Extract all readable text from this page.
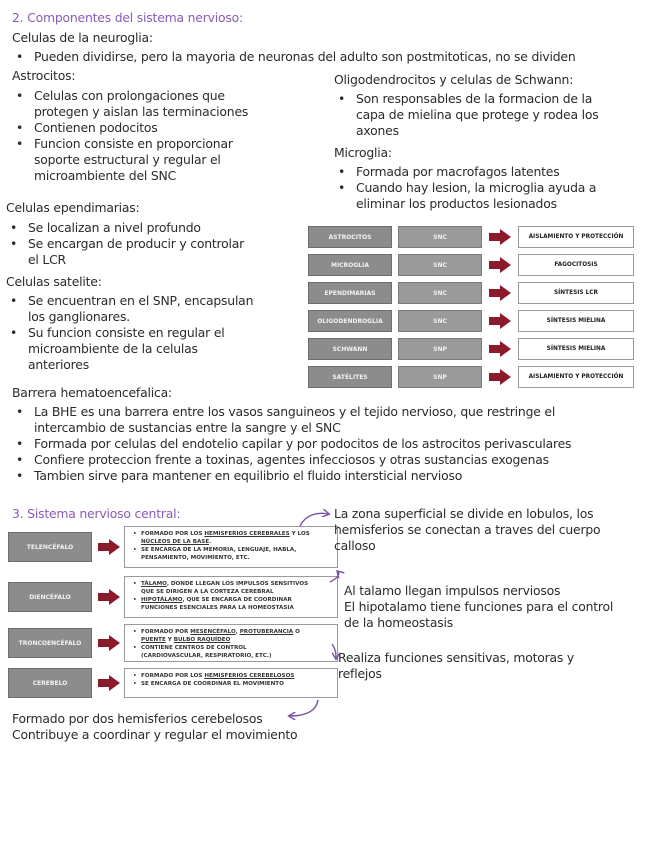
2. Componentes del sistema nervioso:
Celulas de la neuroglia:
• Pueden dividirse, pero la mayoria de neuronas del adulto son postmitoticas, no se dividen
Astrocitos:
• Celulas con prolongaciones que
protegen y aislan las terminaciones
• Contienen podocitos
• Funcion consiste en proporcionar
soporte estructural y regular el
microambiente del SNC
Celulas ependimarias:
• Se localizan a nivel profundo
• Se encargan de producir y controlar
el LCR
Celulas satelite:
• Se encuentran en el SNP, encapsulan
los ganglionares.
• Su funcion consiste en regular el
microambiente de la celulas
anteriores
Oligodendrocitos y celulas de Schwann:
• Son responsables de la formacion de la
capa de mielina que protege y rodea los
axones
Microglia:
• Formada por macrofagos latentes
• Cuando hay lesion, la microglia ayuda a
eliminar los productos lesionados
ASTROCITOS	SNC	AISLAMIENTO Y PROTECCIÓN
MICROGLIA	SNC	FAGOCITOSIS
EPENDIMARIAS	SNC	SÍNTESIS LCR
OLIGODENDROGLIA	SNC	SÍNTESIS MIELINA
SCHWANN	SNP	SÍNTESIS MIELINA
SATÉLITES	SNP	AISLAMIENTO Y PROTECCIÓN
Barrera hematoencefalica:
• La BHE es una barrera entre los vasos sanguineos y el tejido nervioso, que restringe el
intercambio de sustancias entre la sangre y el SNC
• Formada por celulas del endotelio capilar y por podocitos de los astrocitos perivasculares
• Confiere proteccion frente a toxinas, agentes infecciosos y otras sustancias exogenas
• Tambien sirve para mantener en equilibrio el fluido intersticial nervioso
3. Sistema nervioso central:
TELENCÉFALO
• FORMADO POR LOS HEMISFERIOS CEREBRALES Y LOS
NÚCLEOS DE LA BASE.
• SE ENCARGA DE LA MEMORIA, LENGUAJE, HABLA,
PENSAMIENTO, MOVIMIENTO, ETC.
DIENCÉFALO
• TÁLAMO, DONDE LLEGAN LOS IMPULSOS SENSITIVOS
QUE SE DIRIGEN A LA CORTEZA CEREBRAL
• HIPOTÁLAMO, QUE SE ENCARGA DE COORDINAR
FUNCIONES ESENCIALES PARA LA HOMEOSTASIA
TRONCOENCÉFALO
• FORMADO POR MESENCÉFALO, PROTUBERANCIA O
PUENTE Y BULBO RAQUÍDEO
• CONTIENE CENTROS DE CONTROL
(CARDIOVASCULAR, RESPIRATORIO, ETC.)
CEREBELO
• FORMADO POR LOS HEMISFERIOS CEREBELOSOS
• SE ENCARGA DE COORDINAR EL MOVIMIENTO
La zona superficial se divide en lobulos, los
hemisferios se conectan a traves del cuerpo
calloso
Al talamo llegan impulsos nerviosos
El hipotalamo tiene funciones para el control
de la homeostasis
Realiza funciones sensitivas, motoras y
reflejos
Formado por dos hemisferios cerebelosos
Contribuye a coordinar y regular el movimiento
